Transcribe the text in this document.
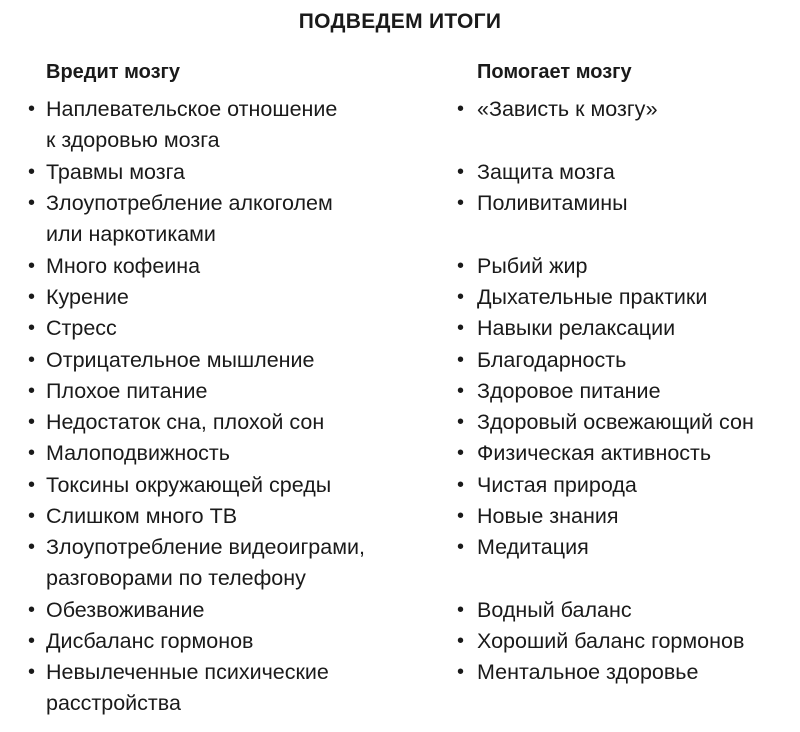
ПОДВЕДЕМ ИТОГИ
Вредит мозгу
• Наплевательское отношение
к здоровью мозга
• Травмы мозга
• Злоупотребление алкоголем
или наркотиками
• Много кофеина
• Курение
• Стресс
• Отрицательное мышление
• Плохое питание
• Недостаток сна, плохой сон
• Малоподвижность
• Токсины окружающей среды
• Слишком много ТВ
• Злоупотребление видеоиграми,
разговорами по телефону
• Обезвоживание
• Дисбаланс гормонов
• Невылеченные психические
расстройства
Помогает мозгу
• «Зависть к мозгу»
• Защита мозга
• Поливитамины
• Рыбий жир
• Дыхательные практики
• Навыки релаксации
• Благодарность
• Здоровое питание
• Здоровый освежающий сон
• Физическая активность
• Чистая природа
• Новые знания
• Медитация
• Водный баланс
• Хороший баланс гормонов
• Ментальное здоровье
